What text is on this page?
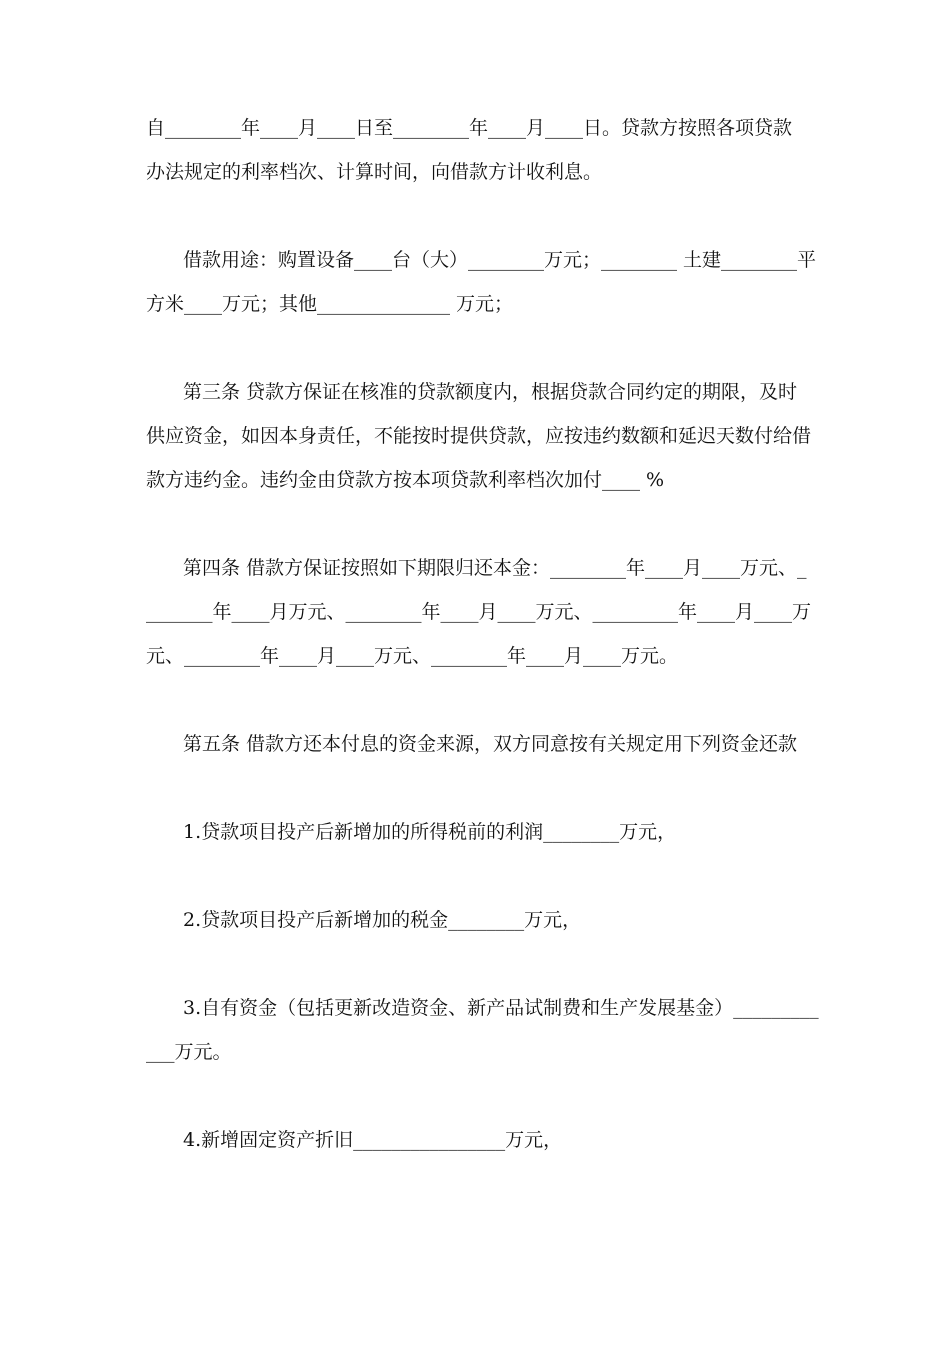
自________年____月____日至________年____月____日。贷款方按照各项贷款
办法规定的利率档次、计算时间，向借款方计收利息。
借款用途：购置设备____台（大）________万元；________ 土建________平
方米____万元；其他______________ 万元；
第三条 贷款方保证在核准的贷款额度内，根据贷款合同约定的期限，及时
供应资金，如因本身责任，不能按时提供贷款，应按违约数额和延迟天数付给借
款方违约金。违约金由贷款方按本项贷款利率档次加付____ %
第四条 借款方保证按照如下期限归还本金：________年____月____万元、_
_______年____月万元、________年____月____万元、_________年____月____万
元、________年____月____万元、________年____月____万元。
第五条 借款方还本付息的资金来源，双方同意按有关规定用下列资金还款
1.贷款项目投产后新增加的所得税前的利润________万元，
2.贷款项目投产后新增加的税金________万元，
3.自有资金（包括更新改造资金、新产品试制费和生产发展基金）_________
___万元。
4.新增固定资产折旧________________万元，
